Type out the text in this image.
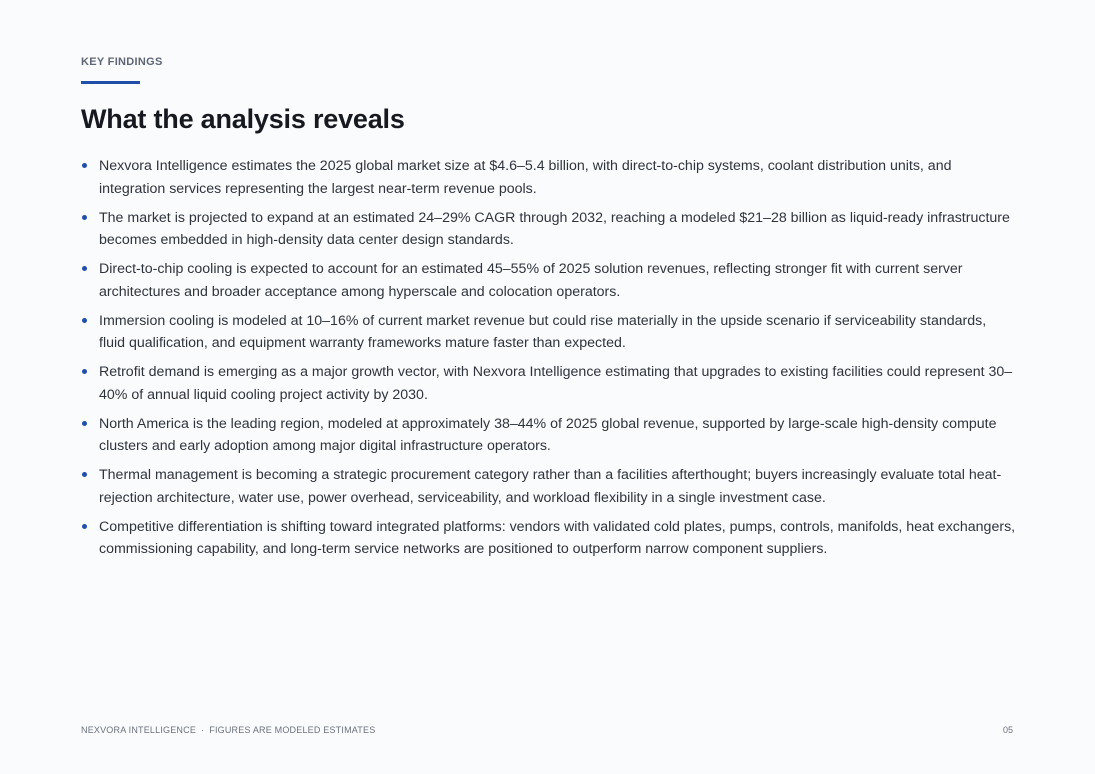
KEY FINDINGS
What the analysis reveals
Nexvora Intelligence estimates the 2025 global market size at $4.6–5.4 billion, with direct-to-chip systems, coolant distribution units, and integration services representing the largest near-term revenue pools.
The market is projected to expand at an estimated 24–29% CAGR through 2032, reaching a modeled $21–28 billion as liquid-ready infrastructure becomes embedded in high-density data center design standards.
Direct-to-chip cooling is expected to account for an estimated 45–55% of 2025 solution revenues, reflecting stronger fit with current server architectures and broader acceptance among hyperscale and colocation operators.
Immersion cooling is modeled at 10–16% of current market revenue but could rise materially in the upside scenario if serviceability standards, fluid qualification, and equipment warranty frameworks mature faster than expected.
Retrofit demand is emerging as a major growth vector, with Nexvora Intelligence estimating that upgrades to existing facilities could represent 30–40% of annual liquid cooling project activity by 2030.
North America is the leading region, modeled at approximately 38–44% of 2025 global revenue, supported by large-scale high-density compute clusters and early adoption among major digital infrastructure operators.
Thermal management is becoming a strategic procurement category rather than a facilities afterthought; buyers increasingly evaluate total heat-rejection architecture, water use, power overhead, serviceability, and workload flexibility in a single investment case.
Competitive differentiation is shifting toward integrated platforms: vendors with validated cold plates, pumps, controls, manifolds, heat exchangers, commissioning capability, and long-term service networks are positioned to outperform narrow component suppliers.
NEXVORA INTELLIGENCE · FIGURES ARE MODELED ESTIMATES	05
